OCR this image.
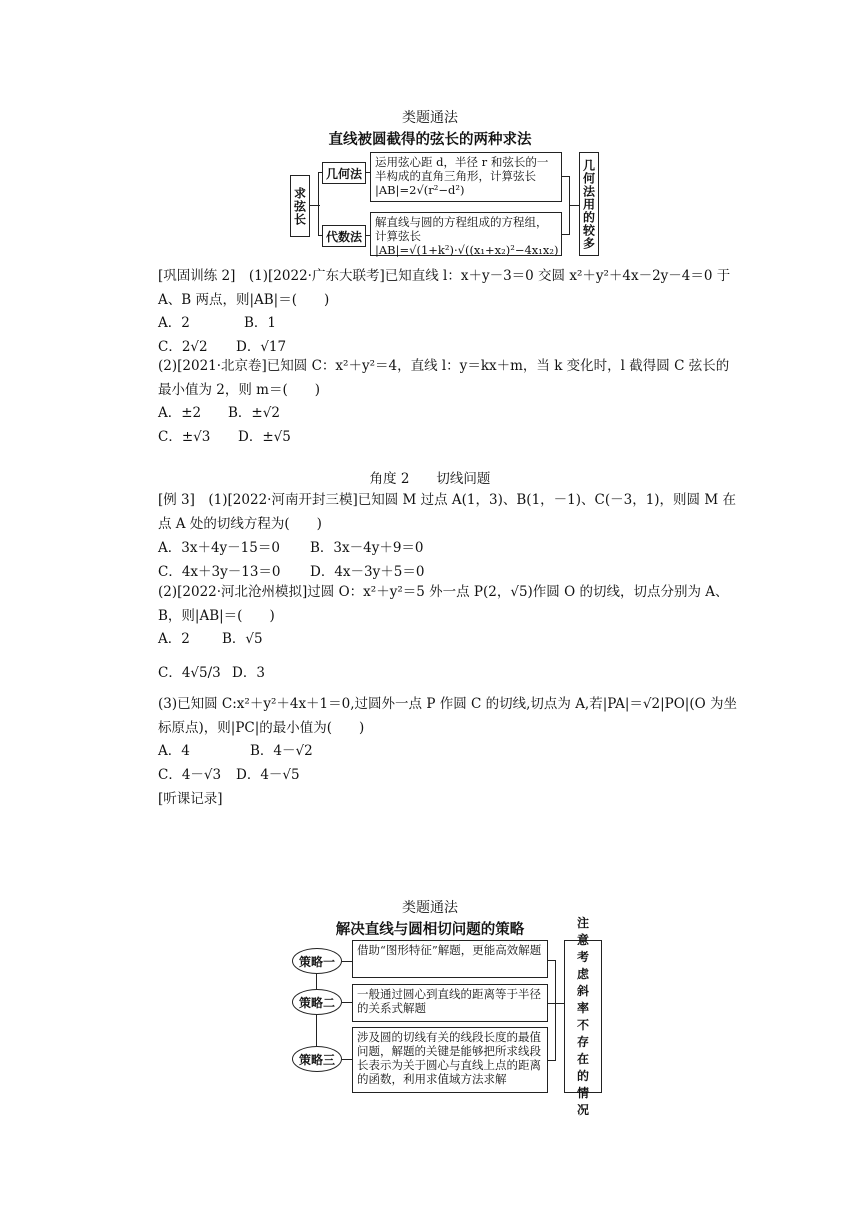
类题通法
直线被圆截得的弦长的两种求法
求弦长
几何法
代数法
运用弦心距 d，半径 r 和弦长的一半构成的直角三角形，计算弦长 |AB|=2√(r²−d²)
解直线与圆的方程组成的方程组，计算弦长 |AB|=√(1+k²)·√((x₁+x₂)²−4x₁x₂)
几何法用的较多
[巩固训练 2]　(1)[2022·广东大联考]已知直线 l：x＋y－3＝0 交圆 x²＋y²＋4x－2y－4＝0 于 A、B 两点，则|AB|＝(　　)
A．2	B．1
C．2√2 D．√17
(2)[2021·北京卷]已知圆 C：x²＋y²＝4，直线 l：y＝kx＋m，当 k 变化时，l 截得圆 C 弦长的最小值为 2，则 m＝(　　)
A．±2 B．±√2
C．±√3 D．±√5
角度 2　　切线问题
[例 3]　(1)[2022·河南开封三模]已知圆 M 过点 A(1，3)、B(1，－1)、C(－3，1)，则圆 M 在点 A 处的切线方程为(　　)
A．3x＋4y－15＝0 B．3x－4y＋9＝0
C．4x＋3y－13＝0 D．4x－3y＋5＝0
(2)[2022·河北沧州模拟]过圆 O：x²＋y²＝5 外一点 P(2，√5)作圆 O 的切线，切点分别为 A、B，则|AB|＝(　　)
A．2 B．√5
C．4√5/3 D．3
(3)已知圆 C:x²＋y²＋4x＋1＝0,过圆外一点 P 作圆 C 的切线,切点为 A,若|PA|＝√2|PO|(O 为坐标原点)，则|PC|的最小值为(　　)
A．4	B．4－√2
C．4－√3 D．4－√5
[听课记录]
类题通法
解决直线与圆相切问题的策略
策略一
策略二
策略三
借助“图形特征”解题，更能高效解题
一般通过圆心到直线的距离等于半径的关系式解题
涉及圆的切线有关的线段长度的最值问题，解题的关键是能够把所求线段长表示为关于圆心与直线上点的距离的函数，利用求值域方法求解
注意考虑斜率不存在的情况
